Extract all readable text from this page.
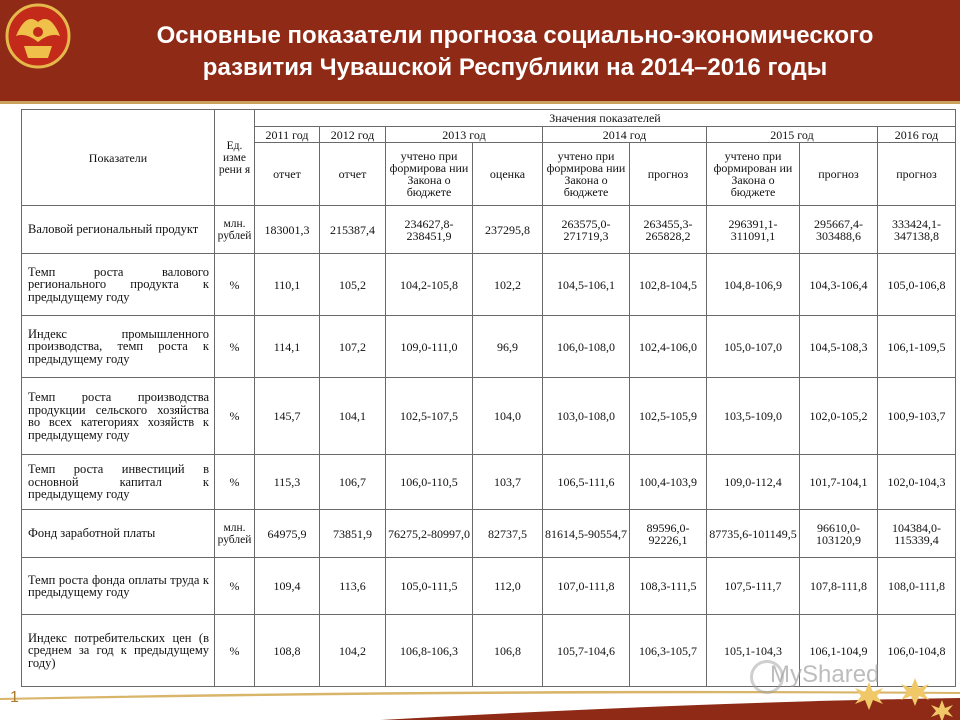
Основные показатели прогноза социально-экономического
развития Чувашской Республики на 2014–2016 годы
Показатели	Ед. изме рени я	Значения показателей								
		2011 год	2012 год	2013 год		2014 год		2015 год		2016 год
		отчет	отчет	учтено при формирова нии Закона о бюджете	оценка	учтено при формирова нии Закона о бюджете	прогноз	учтено при формирован ии Закона о бюджете	прогноз	прогноз
Валовой региональный продукт	млн. рублей	183001,3	215387,4	234627,8-238451,9	237295,8	263575,0-271719,3	263455,3-265828,2	296391,1-311091,1	295667,4-303488,6	333424,1-347138,8
Темп роста валового регионального продукта к предыдущему году	%	110,1	105,2	104,2-105,8	102,2	104,5-106,1	102,8-104,5	104,8-106,9	104,3-106,4	105,0-106,8
Индекс промышленного производства, темп роста к предыдущему году	%	114,1	107,2	109,0-111,0	96,9	106,0-108,0	102,4-106,0	105,0-107,0	104,5-108,3	106,1-109,5
Темп роста производства продукции сельского хозяйства во всех категориях хозяйств к предыдущему году	%	145,7	104,1	102,5-107,5	104,0	103,0-108,0	102,5-105,9	103,5-109,0	102,0-105,2	100,9-103,7
Темп роста инвестиций в основной капитал к предыдущему году	%	115,3	106,7	106,0-110,5	103,7	106,5-111,6	100,4-103,9	109,0-112,4	101,7-104,1	102,0-104,3
Фонд заработной платы	млн. рублей	64975,9	73851,9	76275,2-80997,0	82737,5	81614,5-90554,7	89596,0-92226,1	87735,6-101149,5	96610,0-103120,9	104384,0-115339,4
Темп роста фонда оплаты труда к предыдущему году	%	109,4	113,6	105,0-111,5	112,0	107,0-111,8	108,3-111,5	107,5-111,7	107,8-111,8	108,0-111,8
Индекс потребительских цен (в среднем за год к предыдущему году)	%	108,8	104,2	106,8-106,3	106,8	105,7-104,6	106,3-105,7	105,1-104,3	106,1-104,9	106,0-104,8
1
MyShared
